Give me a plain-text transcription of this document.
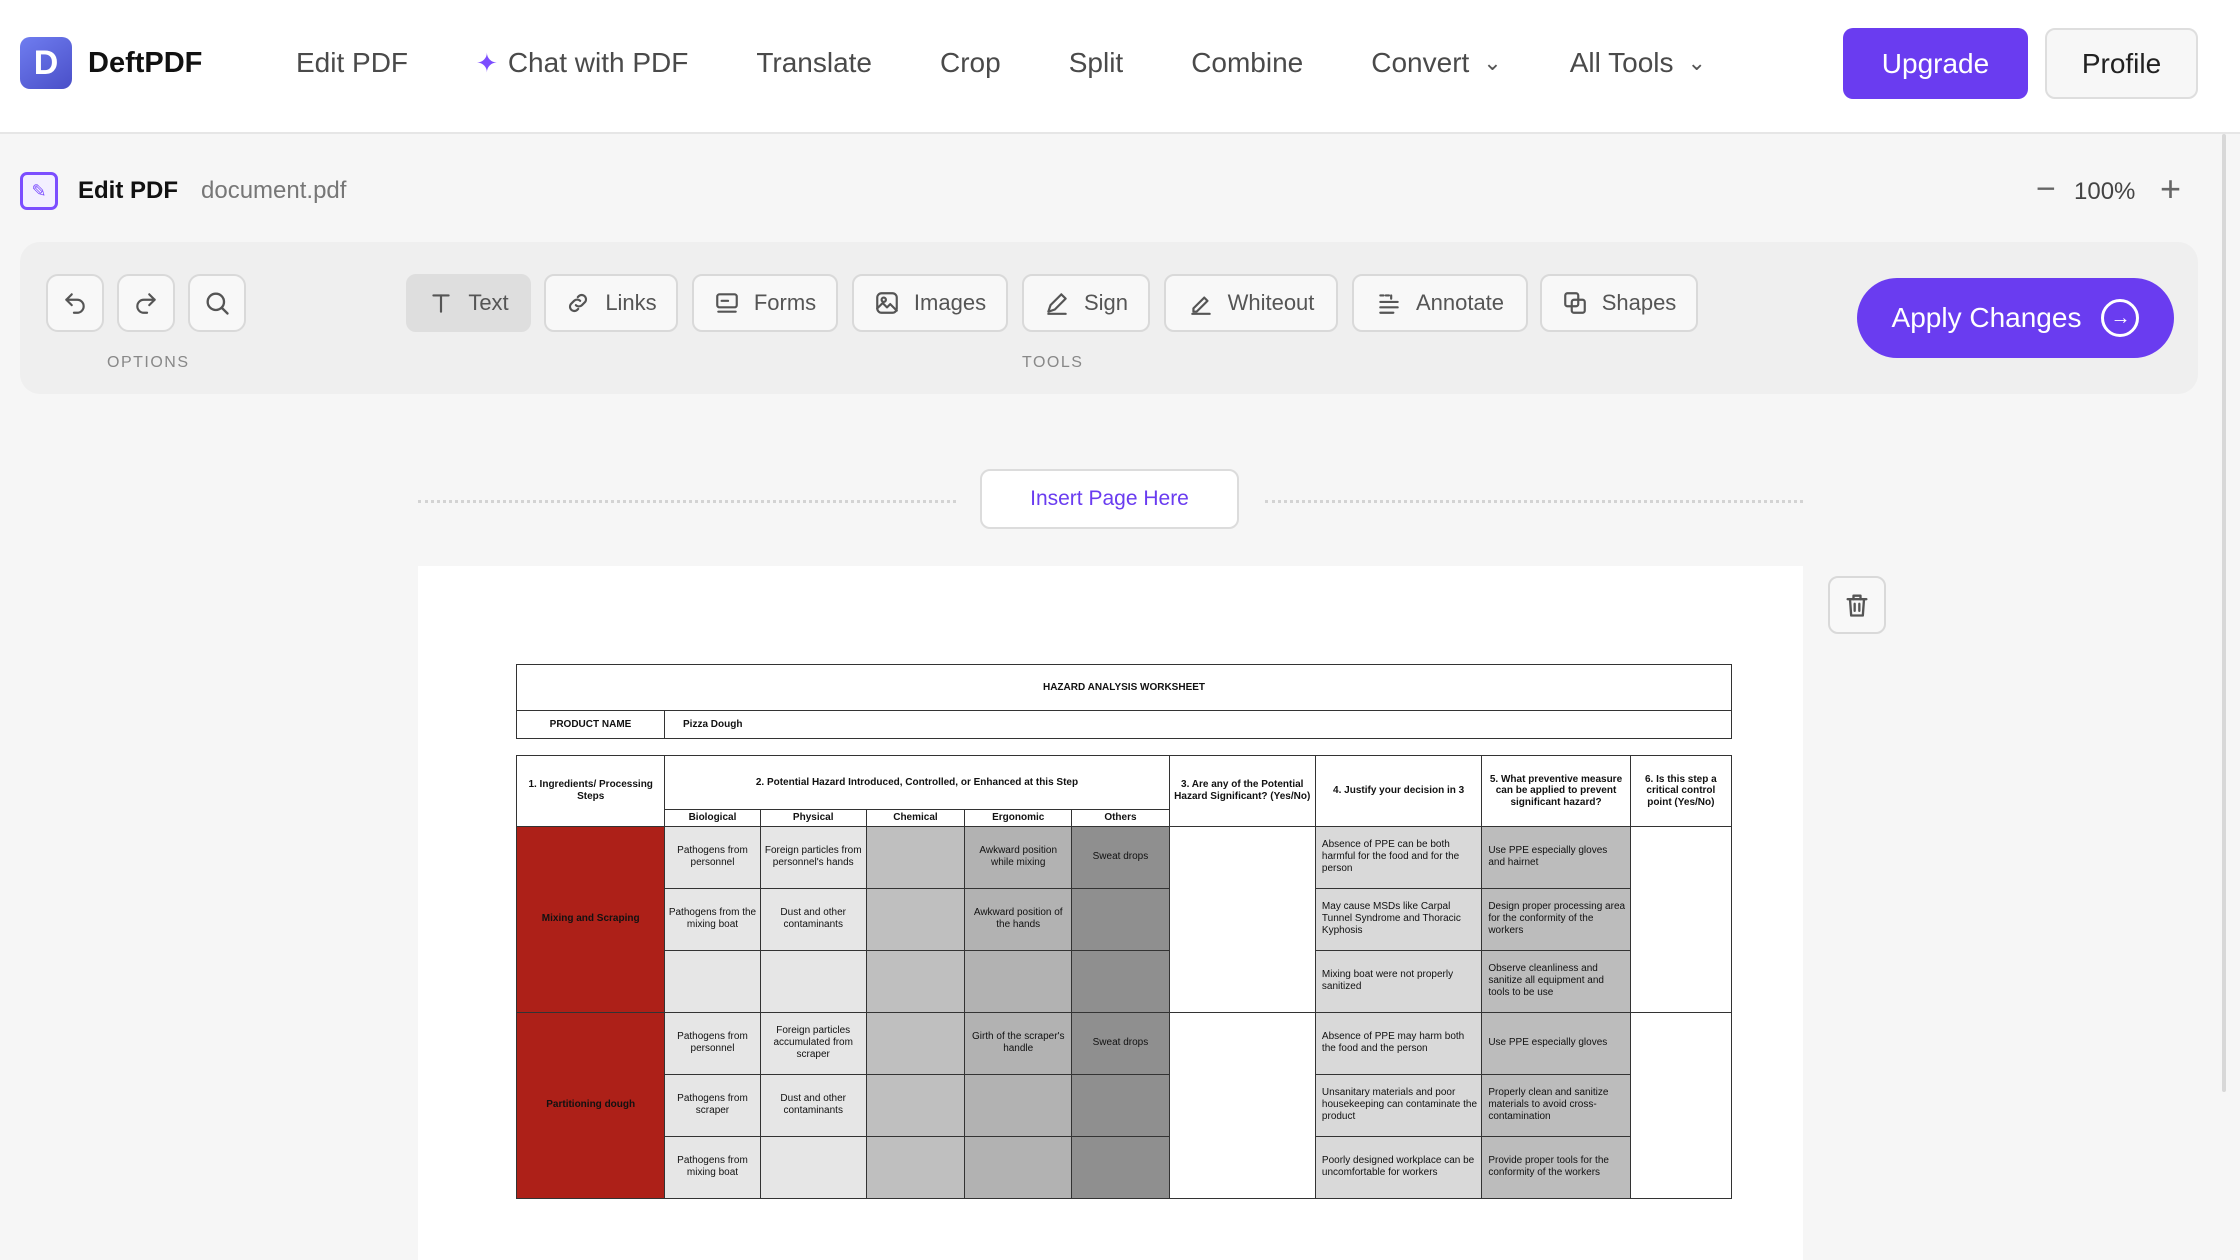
D	DeftPDF	Edit PDF	✦ Chat with PDF Translate Crop Split Combine Convert ⌄ All Tools ⌄	Upgrade	Profile
✎	Edit PDF document.pdf	− 100% +
OPTIONS
Text	Links	Forms	Images	Sign	Whiteout	Annotate	Shapes
TOOLS
Apply Changes	→
Insert Page Here
HAZARD ANALYSIS WORKSHEET
PRODUCT NAME	Pizza Dough
1. Ingredients/ Processing Steps	2. Potential Hazard Introduced, Controlled, or Enhanced at this Step					3. Are any of the Potential Hazard Significant? (Yes/No)	4. Justify your decision in 3	5. What preventive measure can be applied to prevent significant hazard?	6. Is this step a critical control point (Yes/No)
	Biological	Physical	Chemical	Ergonomic	Others				
Mixing and Scraping	Pathogens from personnel	Foreign particles from personnel's hands		Awkward position while mixing	Sweat drops		Absence of PPE can be both harmful for the food and for the person	Use PPE especially gloves and hairnet	
	Pathogens from the mixing boat	Dust and other contaminants		Awkward position of the hands			May cause MSDs like Carpal Tunnel Syndrome and Thoracic Kyphosis	Design proper processing area for the conformity of the workers	
							Mixing boat were not properly sanitized	Observe cleanliness and sanitize all equipment and tools to be use	
Partitioning dough	Pathogens from personnel	Foreign particles accumulated from scraper		Girth of the scraper's handle	Sweat drops		Absence of PPE may harm both the food and the person	Use PPE especially gloves	
	Pathogens from scraper	Dust and other contaminants					Unsanitary materials and poor housekeeping can contaminate the product	Properly clean and sanitize materials to avoid cross-contamination	
	Pathogens from mixing boat						Poorly designed workplace can be uncomfortable for workers	Provide proper tools for the conformity of the workers	
